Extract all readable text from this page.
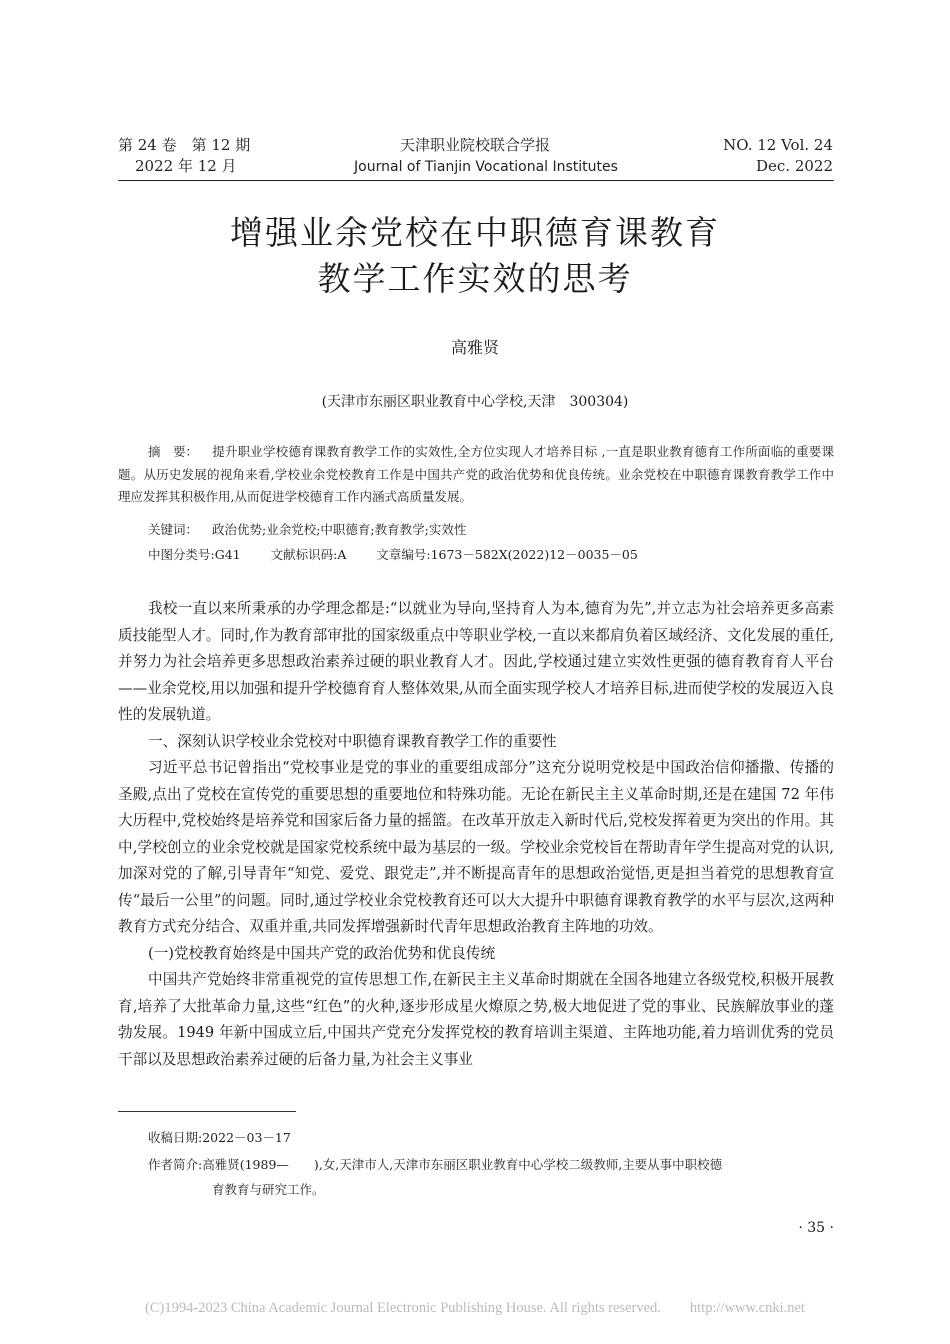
第 24 卷　第 12 期
2022 年 12 月
天津职业院校联合学报
Journal of Tianjin Vocational Institutes
NO. 12 Vol. 24
Dec. 2022
增强业余党校在中职德育课教育
教学工作实效的思考
高雅贤
(天津市东丽区职业教育中心学校,天津　300304)
摘　要： 提升职业学校德育课教育教学工作的实效性,全方位实现人才培养目标 ,一直是职业教育德育工作所面临的重要课题。从历史发展的视角来看,学校业余党校教育工作是中国共产党的政治优势和优良传统。业余党校在中职德育课教育教学工作中理应发挥其积极作用,从而促进学校德育工作内涵式高质量发展。
关键词： 政治优势;业余党校;中职德育;教育教学;实效性
中图分类号:G41 文献标识码:A 文章编号:1673－582X(2022)12－0035－05

我校一直以来所秉承的办学理念都是:“以就业为导向,坚持育人为本,德育为先”,并立志为社会培养更多高素质技能型人才。同时,作为教育部审批的国家级重点中等职业学校,一直以来都肩负着区域经济、文化发展的重任,并努力为社会培养更多思想政治素养过硬的职业教育人才。因此,学校通过建立实效性更强的德育教育育人平台——业余党校,用以加强和提升学校德育育人整体效果,从而全面实现学校人才培养目标,进而使学校的发展迈入良性的发展轨道。

一、深刻认识学校业余党校对中职德育课教育教学工作的重要性

习近平总书记曾指出“党校事业是党的事业的重要组成部分”这充分说明党校是中国政治信仰播撒、传播的圣殿,点出了党校在宣传党的重要思想的重要地位和特殊功能。无论在新民主主义革命时期,还是在建国 72 年伟大历程中,党校始终是培养党和国家后备力量的摇篮。在改革开放走入新时代后,党校发挥着更为突出的作用。其中,学校创立的业余党校就是国家党校系统中最为基层的一级。学校业余党校旨在帮助青年学生提高对党的认识,加深对党的了解,引导青年“知党、爱党、跟党走”,并不断提高青年的思想政治觉悟,更是担当着党的思想教育宣传“最后一公里”的问题。同时,通过学校业余党校教育还可以大大提升中职德育课教育教学的水平与层次,这两种教育方式充分结合、双重并重,共同发挥增强新时代青年思想政治教育主阵地的功效。

(一)党校教育始终是中国共产党的政治优势和优良传统

中国共产党始终非常重视党的宣传思想工作,在新民主主义革命时期就在全国各地建立各级党校,积极开展教育,培养了大批革命力量,这些“红色”的火种,逐步形成星火燎原之势,极大地促进了党的事业、民族解放事业的蓬勃发展。1949 年新中国成立后,中国共产党充分发挥党校的教育培训主渠道、主阵地功能,着力培训优秀的党员干部以及思想政治素养过硬的后备力量,为社会主义事业

收稿日期:2022－03－17
作者简介:高雅贤(1989—　　),女,天津市人,天津市东丽区职业教育中心学校二级教师,主要从事中职校德
育教育与研究工作。
· 35 ·
(C)1994-2023 China Academic Journal Electronic Publishing House. All rights reserved.　　http://www.cnki.net
